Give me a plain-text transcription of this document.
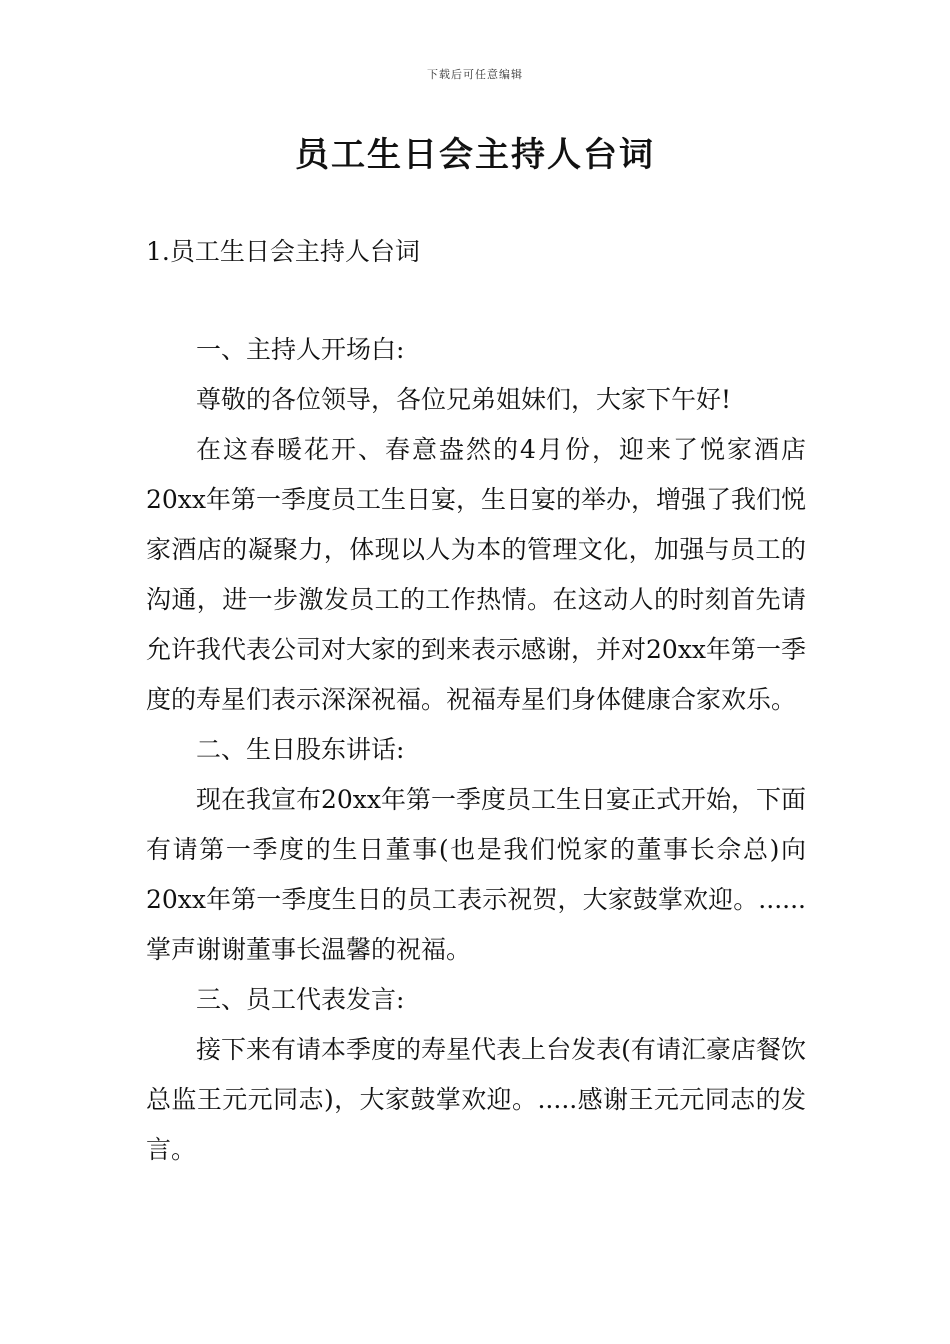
下载后可任意编辑
员工生日会主持人台词
1.员工生日会主持人台词

一、主持人开场白:

尊敬的各位领导，各位兄弟姐妹们，大家下午好!

在这春暖花开、春意盎然的4月份，迎来了悦家酒店20xx年第一季度员工生日宴，生日宴的举办，增强了我们悦家酒店的凝聚力，体现以人为本的管理文化，加强与员工的沟通，进一步激发员工的工作热情。在这动人的时刻首先请允许我代表公司对大家的到来表示感谢，并对20xx年第一季度的寿星们表示深深祝福。祝福寿星们身体健康合家欢乐。

二、生日股东讲话:

现在我宣布20xx年第一季度员工生日宴正式开始，下面有请第一季度的生日董事(也是我们悦家的董事长佘总)向20xx年第一季度生日的员工表示祝贺，大家鼓掌欢迎。......掌声谢谢董事长温馨的祝福。

三、员工代表发言:

接下来有请本季度的寿星代表上台发表(有请汇豪店餐饮总监王元元同志)，大家鼓掌欢迎。.....感谢王元元同志的发言。
